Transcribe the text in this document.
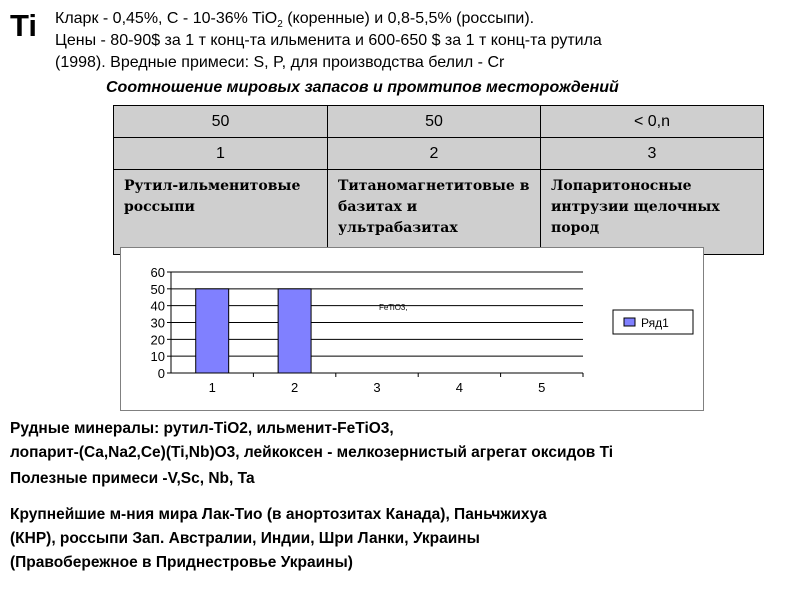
Ti Кларк - 0,45%, C - 10-36% TiO$_2$ (коренные) и 0,8-5,5% (россыпи).
Цены - 80-90$ за 1 т конц-та ильменита и 600-650 $ за 1 т конц-та рутила
(1998). Вредные примеси: S, P, для производства белил - Cr
Соотношение мировых запасов и промтипов месторождений
50	50	< 0,n
1	2	3
Рутил-ильменитовые россыпи	Титаномагнетитовые в базитах и ультрабазитах	Лопаритоносные интрузии щелочных пород
0
10
20
30
40
50
60
1	2	3	4	5
FeTiO3,
Ряд1
Рудные минералы: рутил-TiO2, ильменит-FeTiO3,
лопарит-(Ca,Na2,Ce)(Ti,Nb)O3, лейкоксен - мелкозернистый агрегат оксидов Ti
Полезные примеси -V,Sc, Nb, Ta
Крупнейшие м-ния мира Лак-Тио (в анортозитах Канада), Паньчжихуа
(КНР), россыпи Зап. Австралии, Индии, Шри Ланки, Украины
(Правобережное в Приднестровье Украины)
